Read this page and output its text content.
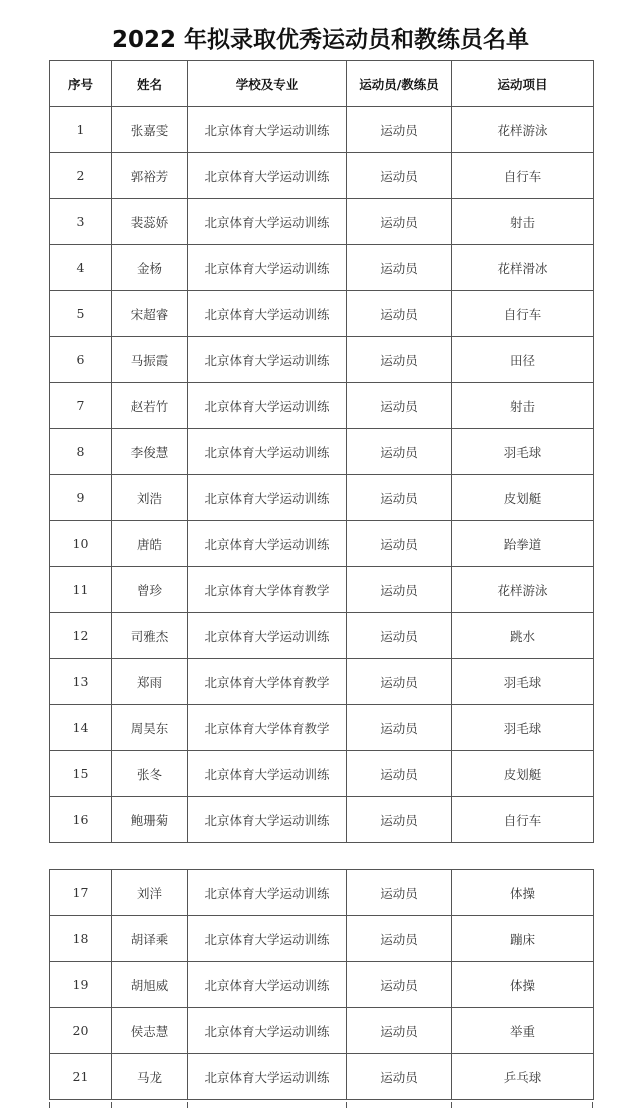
2022 年拟录取优秀运动员和教练员名单
序号	姓名	学校及专业	运动员/教练员	运动项目
1	张嘉雯	北京体育大学运动训练	运动员	花样游泳
2	郭裕芳	北京体育大学运动训练	运动员	自行车
3	裴蕊娇	北京体育大学运动训练	运动员	射击
4	金杨	北京体育大学运动训练	运动员	花样滑冰
5	宋超睿	北京体育大学运动训练	运动员	自行车
6	马振霞	北京体育大学运动训练	运动员	田径
7	赵若竹	北京体育大学运动训练	运动员	射击
8	李俊慧	北京体育大学运动训练	运动员	羽毛球
9	刘浩	北京体育大学运动训练	运动员	皮划艇
10	唐皓	北京体育大学运动训练	运动员	跆拳道
11	曾珍	北京体育大学体育教学	运动员	花样游泳
12	司雅杰	北京体育大学运动训练	运动员	跳水
13	郑雨	北京体育大学体育教学	运动员	羽毛球
14	周昊东	北京体育大学体育教学	运动员	羽毛球
15	张冬	北京体育大学运动训练	运动员	皮划艇
16	鲍珊菊	北京体育大学运动训练	运动员	自行车
17	刘洋	北京体育大学运动训练	运动员	体操
18	胡译乘	北京体育大学运动训练	运动员	蹦床
19	胡旭威	北京体育大学运动训练	运动员	体操
20	侯志慧	北京体育大学运动训练	运动员	举重
21	马龙	北京体育大学运动训练	运动员	乒乓球
